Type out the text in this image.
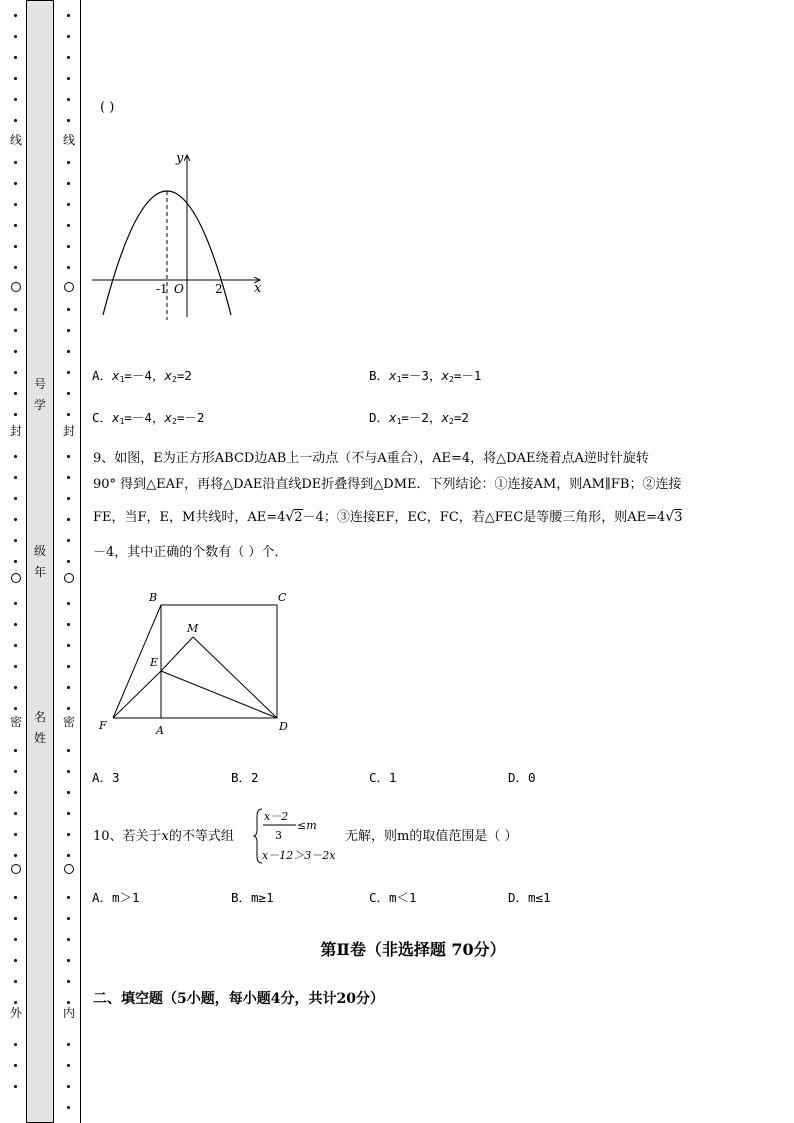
线
封
密
外
号
学
级
年
名
姓
线
封
密
内
( )
y
x
-1 O	2
A．$x_1=-4$，$x_2=2$	B．$x_1=-3$，$x_2=-1$
C．$x_1=-4$，$x_2=-2$	D．$x_1=-2$，$x_2=2$
9、如图，E为正方形ABCD边AB上一动点（不与A重合），AE=4，将△DAE绕着点A逆时针旋转
90° 得到△EAF，再将△DAE沿直线DE折叠得到△DME．下列结论：①连接AM，则AM∥FB；②连接
FE，当F，E，M共线时，AE=4√2－4；③连接EF，EC，FC，若△FEC是等腰三角形，则AE=4√3
－4，其中正确的个数有（ ）个．
B	C
M
E
F	A	D
A．3	B．2	C．1	D．0
10、若关于x的不等式组
x－2
3
≤m
x－12＞3－2x
无解，则m的取值范围是（ ）
A．m＞1	B．m≥1	C．m＜1	D．m≤1
第Ⅱ卷（非选择题 70分）
二、填空题（5小题，每小题4分，共计20分）
